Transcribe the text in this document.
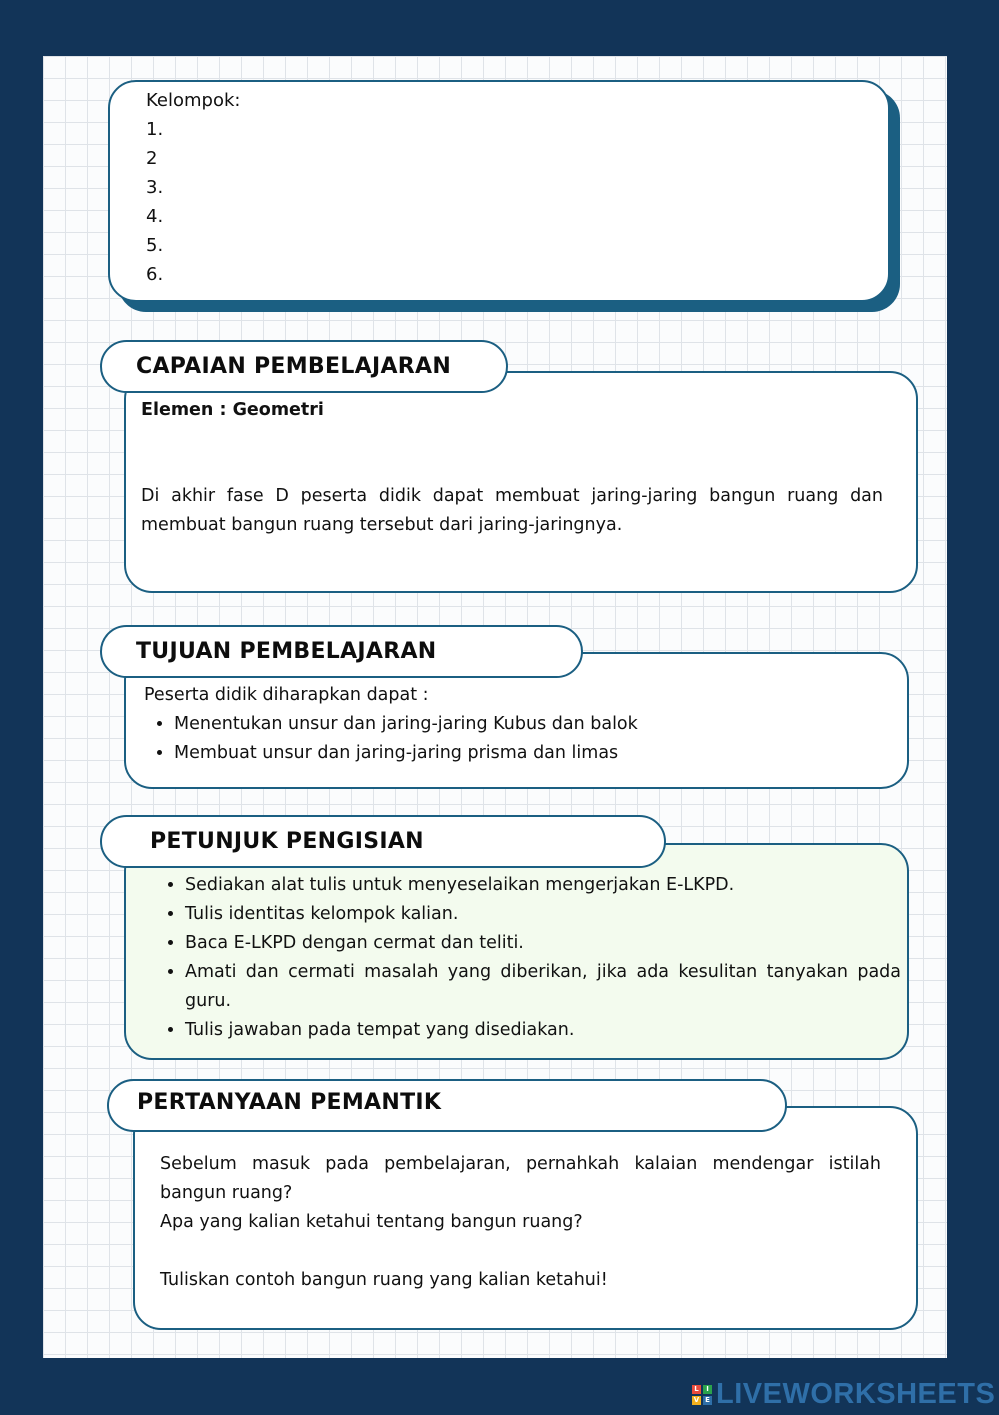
Kelompok:
1.
2
3.
4.
5.
6.
CAPAIAN PEMBELAJARAN
Elemen : Geometri
Di akhir fase D peserta didik dapat membuat jaring-jaring bangun ruang dan membuat bangun ruang tersebut dari jaring-jaringnya.
TUJUAN PEMBELAJARAN
Peserta didik diharapkan dapat :
• Menentukan unsur dan jaring-jaring Kubus dan balok
• Membuat unsur dan jaring-jaring prisma dan limas
PETUNJUK PENGISIAN
• Sediakan alat tulis untuk menyeselaikan mengerjakan E-LKPD.
• Tulis identitas kelompok kalian.
• Baca E-LKPD dengan cermat dan teliti.
• Amati dan cermati masalah yang diberikan, jika ada kesulitan tanyakan pada guru.
• Tulis jawaban pada tempat yang disediakan.
PERTANYAAN PEMANTIK
Sebelum masuk pada pembelajaran, pernahkah kalaian mendengar istilah bangun ruang?
Apa yang kalian ketahui tentang bangun ruang?
Tuliskan contoh bangun ruang yang kalian ketahui!
L	I
V E LIVEWORKSHEETS
